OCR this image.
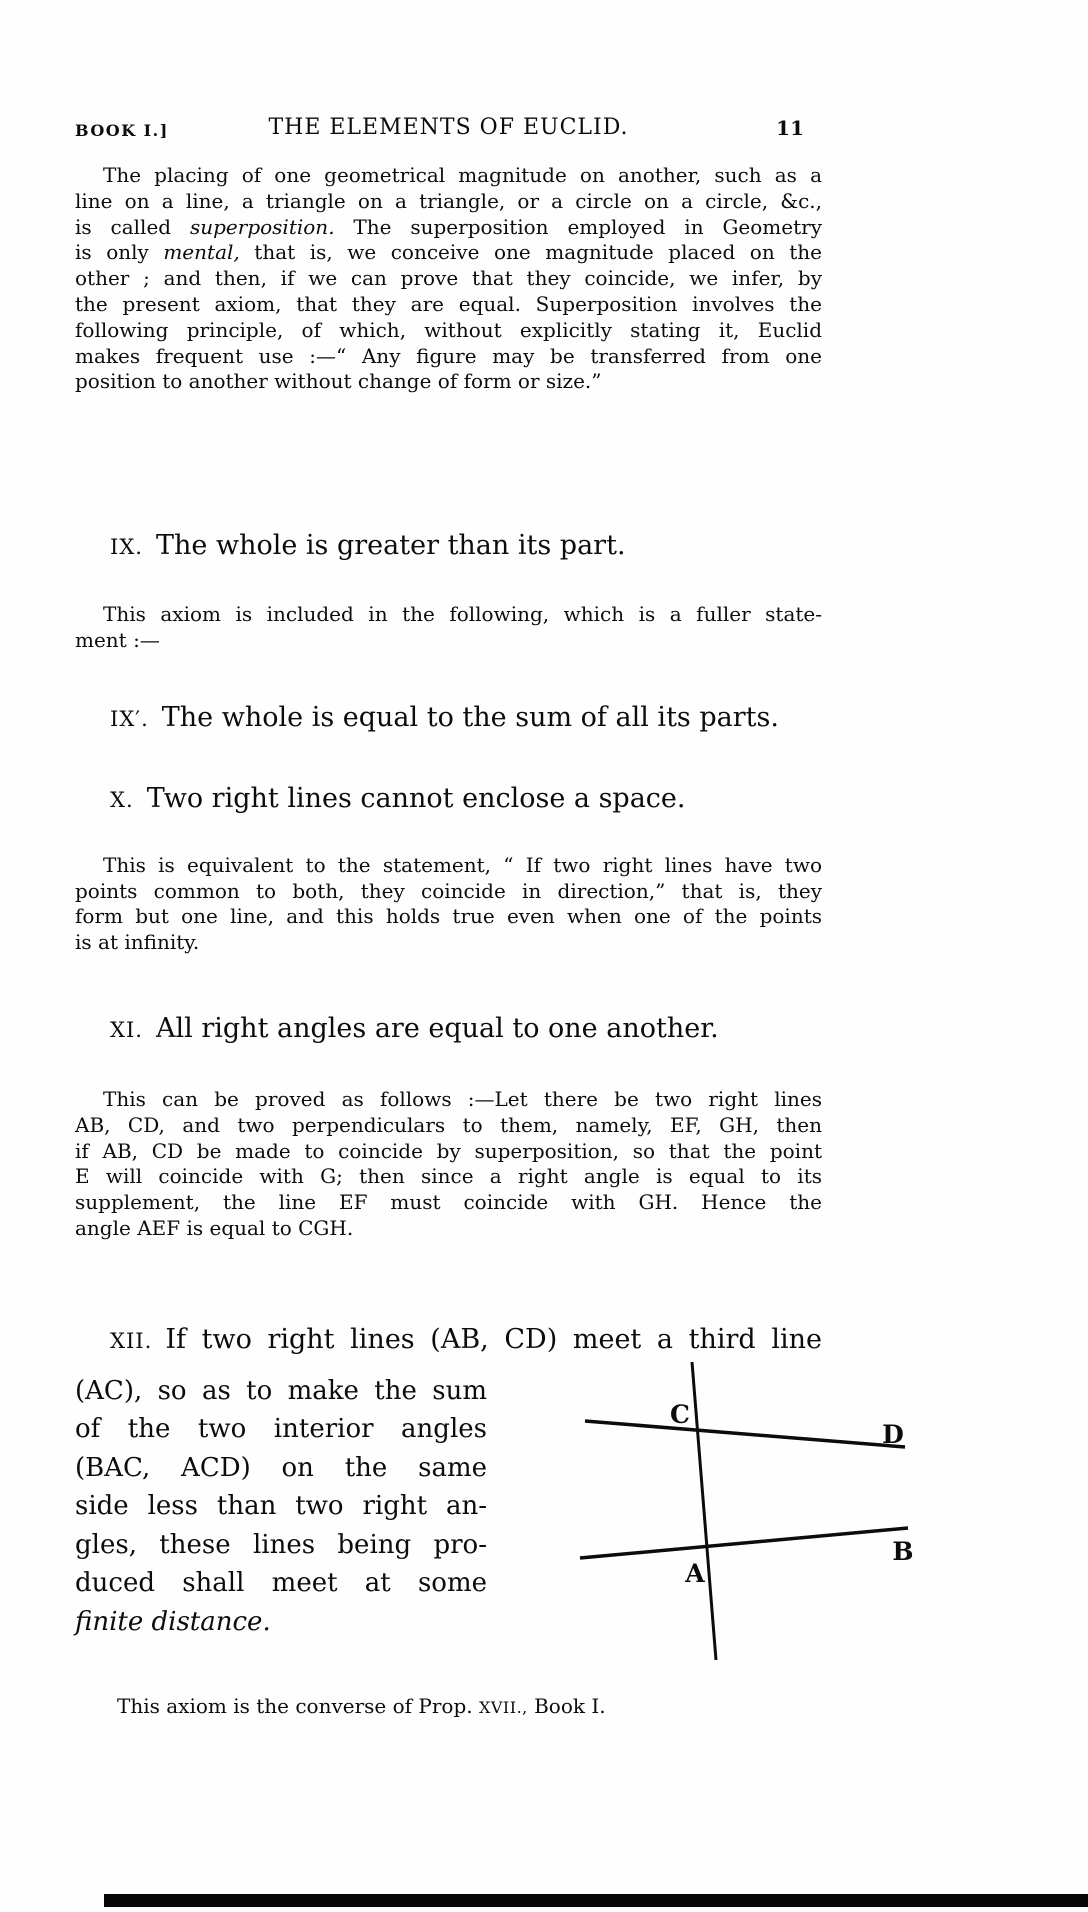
BOOK I.]	THE ELEMENTS OF EUCLID.	11
The placing of one geometrical magnitude on another, such as a
line on a line, a triangle on a triangle, or a circle on a circle, &c.,
is called superposition. The superposition employed in Geometry
is only mental, that is, we conceive one magnitude placed on the
other ; and then, if we can prove that they coincide, we infer, by
the present axiom, that they are equal. Superposition involves the
following principle, of which, without explicitly stating it, Euclid
makes frequent use :—“ Any figure may be transferred from one
position to another without change of form or size.”
IX. The whole is greater than its part.
This axiom is included in the following, which is a fuller state-
ment :—
IX′. The whole is equal to the sum of all its parts.
X. Two right lines cannot enclose a space.
This is equivalent to the statement, “ If two right lines have two
points common to both, they coincide in direction,” that is, they
form but one line, and this holds true even when one of the points
is at infinity.
XI. All right angles are equal to one another.
This can be proved as follows :—Let there be two right lines
AB, CD, and two perpendiculars to them, namely, EF, GH, then
if AB, CD be made to coincide by superposition, so that the point
E will coincide with G; then since a right angle is equal to its
supplement, the line EF must coincide with GH. Hence the
angle AEF is equal to CGH.
XII. If two right lines (AB, CD) meet a third line
(AC), so as to make the sum
of the two interior angles
(BAC, ACD) on the same
side less than two right an-
gles, these lines being pro-
duced shall meet at some
finite distance.
This axiom is the converse of Prop. XVII., Book I.
C
D
A
B
